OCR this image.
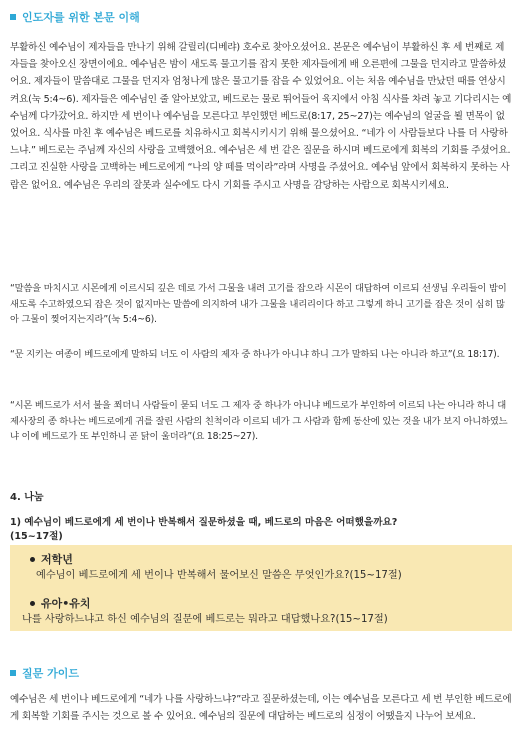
인도자를 위한 본문 이해

부활하신 예수님이 제자들을 만나기 위해 갈릴리(디베랴) 호수로 찾아오셨어요. 본문은 예수님이 부활하신 후 세 번째로 제자들을 찾아오신 장면이에요. 예수님은 밤이 새도록 물고기를 잡지 못한 제자들에게 배 오른편에 그물을 던지라고 말씀하셨어요. 제자들이 말씀대로 그물을 던지자 엄청나게 많은 물고기를 잡을 수 있었어요. 이는 처음 예수님을 만났던 때를 연상시켜요(눅 5:4~6). 제자들은 예수님인 줄 알아보았고, 베드로는 물로 뛰어들어 육지에서 아침 식사를 차려 놓고 기다리시는 예수님께 다가갔어요. 하지만 세 번이나 예수님을 모른다고 부인했던 베드로(8:17, 25~27)는 예수님의 얼굴을 뵐 면목이 없었어요. 식사를 마친 후 예수님은 베드로를 치유하시고 회복시키시기 위해 물으셨어요. “네가 이 사람들보다 나를 더 사랑하느냐.” 베드로는 주님께 자신의 사랑을 고백했어요. 예수님은 세 번 같은 질문을 하시며 베드로에게 회복의 기회를 주셨어요. 그리고 진실한 사랑을 고백하는 베드로에게 “나의 양 떼를 먹이라”라며 사명을 주셨어요. 예수님 앞에서 회복하지 못하는 사람은 없어요. 예수님은 우리의 잘못과 실수에도 다시 기회를 주시고 사명을 감당하는 사람으로 회복시키세요.

“말씀을 마치시고 시몬에게 이르시되 깊은 데로 가서 그물을 내려 고기를 잡으라 시몬이 대답하여 이르되 선생님 우리들이 밤이 새도록 수고하였으되 잡은 것이 없지마는 말씀에 의지하여 내가 그물을 내리리이다 하고 그렇게 하니 고기를 잡은 것이 심히 많아 그물이 찢어지는지라”(눅 5:4~6).

“문 지키는 여종이 베드로에게 말하되 너도 이 사람의 제자 중 하나가 아니냐 하니 그가 말하되 나는 아니라 하고”(요 18:17).

“시몬 베드로가 서서 불을 쬐더니 사람들이 묻되 너도 그 제자 중 하나가 아니냐 베드로가 부인하여 이르되 나는 아니라 하니 대제사장의 종 하나는 베드로에게 귀를 잘린 사람의 친척이라 이르되 네가 그 사람과 함께 동산에 있는 것을 내가 보지 아니하였느냐 이에 베드로가 또 부인하니 곧 닭이 울더라”(요 18:25~27).

4. 나눔
1) 예수님이 베드로에게 세 번이나 반복해서 질문하셨을 때, 베드로의 마음은 어떠했을까요?(15~17절)
저학년
예수님이 베드로에게 세 번이나 반복해서 물어보신 말씀은 무엇인가요?(15~17절)
유아•유치
나를 사랑하느냐고 하신 예수님의 질문에 베드로는 뭐라고 대답했나요?(15~17절)
질문 가이드

예수님은 세 번이나 베드로에게 “네가 나를 사랑하느냐?”라고 질문하셨는데, 이는 예수님을 모른다고 세 번 부인한 베드로에게 회복할 기회를 주시는 것으로 볼 수 있어요. 예수님의 질문에 대답하는 베드로의 심정이 어땠을지 나누어 보세요.
